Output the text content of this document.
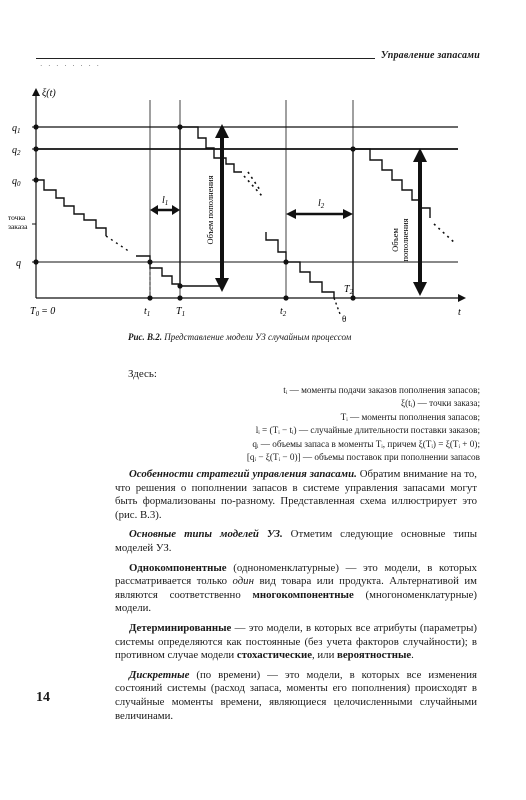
Управление запасами
· · · · · · · ·
ξ(t)
t
$q_1$
$q_2$
$q_0$
q
точка
заказа
θ
Объем пополнения	Объем пополнения
$l_1$	$l_2$
$T_0 = 0$	$t_1$	$T_1$	$t_2$
$T_2$
Рис. В.2. Представление модели УЗ случайным процессом
Здесь:
tᵢ — моменты подачи заказов пополнения запасов;
ξ(tᵢ) — точки заказа;
Tᵢ — моменты пополнения запасов;
lᵢ = (Tᵢ − tᵢ) — случайные длительности поставки заказов;
qᵢ — объемы запаса в моменты Tᵢ, причем ξ(Tᵢ) = ξ(Tᵢ + 0);
[qᵢ − ξ(Tᵢ − 0)] — объемы поставок при пополнении запасов

Особенности стратегий управления запасами. Обратим внимание на то, что решения о пополнении запасов в системе управления запасами могут быть формализованы по-разному. Представленная схема иллюстрирует это (рис. В.3).

Основные типы моделей УЗ. Отметим следующие основные типы моделей УЗ.

Однокомпонентные (однономенклатурные) — это модели, в которых рассматривается только один вид товара или продукта. Альтернативой им являются соответственно многокомпонентные (многономенклатурные) модели.

Детерминированные — это модели, в которых все атрибуты (параметры) системы определяются как постоянные (без учета факторов случайности); в противном случае модели стохастические, или вероятностные.

Дискретные (по времени) — это модели, в которых все изменения состояний системы (расход запаса, моменты его пополнения) происходят в случайные моменты времени, являющиеся целочисленными случайными величинами.

14
